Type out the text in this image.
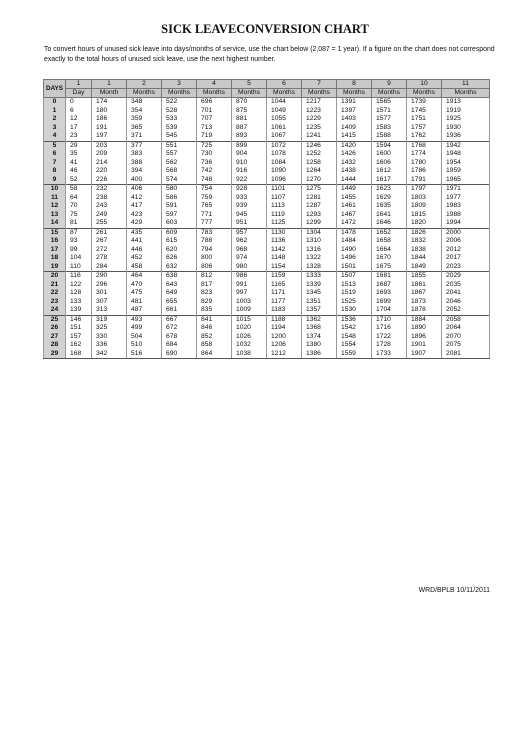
SICK LEAVECONVERSION CHART
To convert hours of unused sick leave into days/months of service, use the chart below (2,087 = 1 year). If a figure on the chart does not correspond exactly to the total hours of unused sick leave, use the next highest number.
DAYS	1	1	2	3	4	5	6	7	8	9	10	11
	Day	Month	Months	Months	Months	Months	Months	Months	Months	Months	Months	Months
0	0	174	348	522	696	870	1044	1217	1391	1565	1739	1913
1	6	180	354	528	701	875	1049	1223	1397	1571	1745	1919
2	12	186	359	533	707	881	1055	1229	1403	1577	1751	1925
3	17	191	365	539	713	887	1061	1235	1409	1583	1757	1930
4	23	197	371	545	719	893	1067	1241	1415	1588	1762	1936
5	29	203	377	551	725	899	1072	1246	1420	1594	1768	1942
6	35	209	383	557	730	904	1078	1252	1426	1600	1774	1948
7	41	214	388	562	736	910	1084	1258	1432	1606	1780	1954
8	46	220	394	568	742	916	1090	1264	1438	1612	1786	1959
9	52	226	400	574	748	922	1096	1270	1444	1617	1791	1965
10	58	232	406	580	754	928	1101	1275	1449	1623	1797	1971
11	64	238	412	586	759	933	1107	1281	1455	1629	1803	1977
12	70	243	417	591	765	939	1113	1287	1461	1635	1809	1983
13	75	249	423	597	771	945	1119	1293	1467	1641	1815	1988
14	81	255	429	603	777	951	1125	1299	1472	1646	1820	1994
15	87	261	435	609	783	957	1130	1304	1478	1652	1826	2000
16	93	267	441	615	788	962	1136	1310	1484	1658	1832	2006
17	99	272	446	620	794	968	1142	1316	1490	1664	1838	2012
18	104	278	452	626	800	974	1148	1322	1496	1670	1844	2017
19	110	284	458	632	806	980	1154	1328	1501	1675	1849	2023
20	116	290	464	638	812	986	1159	1333	1507	1681	1855	2029
21	122	296	470	643	817	991	1165	1339	1513	1687	1861	2035
22	128	301	475	649	823	997	1171	1345	1519	1693	1867	2041
23	133	307	481	655	829	1003	1177	1351	1525	1699	1873	2046
24	139	313	487	661	835	1009	1183	1357	1530	1704	1878	2052
25	146	319	493	667	841	1015	1188	1362	1536	1710	1884	2058
26	151	325	499	672	846	1020	1194	1368	1542	1716	1890	2064
27	157	330	504	678	852	1026	1200	1374	1548	1722	1896	2070
28	162	336	510	684	858	1032	1206	1380	1554	1728	1901	2075
29	168	342	516	690	864	1038	1212	1386	1559	1733	1907	2081
WRD/BPLB 10/11/2011
